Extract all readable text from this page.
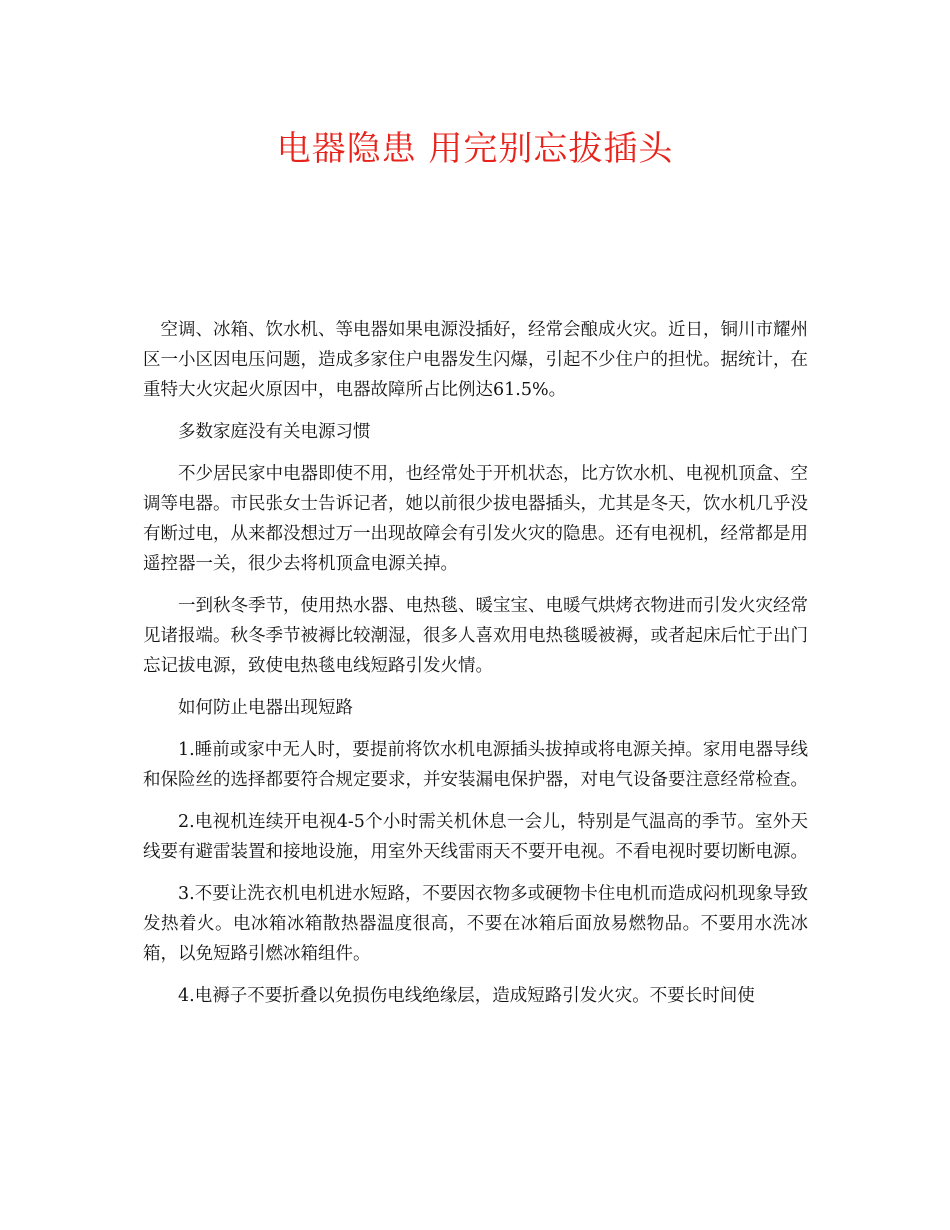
电器隐患 用完别忘拔插头

空调、冰箱、饮水机、等电器如果电源没插好，经常会酿成火灾。近日，铜川市耀州区一小区因电压问题，造成多家住户电器发生闪爆，引起不少住户的担忧。据统计，在重特大火灾起火原因中，电器故障所占比例达61.5%。

多数家庭没有关电源习惯

不少居民家中电器即使不用，也经常处于开机状态，比方饮水机、电视机顶盒、空调等电器。市民张女士告诉记者，她以前很少拔电器插头，尤其是冬天，饮水机几乎没有断过电，从来都没想过万一出现故障会有引发火灾的隐患。还有电视机，经常都是用遥控器一关，很少去将机顶盒电源关掉。

一到秋冬季节，使用热水器、电热毯、暖宝宝、电暖气烘烤衣物进而引发火灾经常见诸报端。秋冬季节被褥比较潮湿，很多人喜欢用电热毯暖被褥，或者起床后忙于出门忘记拔电源，致使电热毯电线短路引发火情。

如何防止电器出现短路

1.睡前或家中无人时，要提前将饮水机电源插头拔掉或将电源关掉。家用电器导线和保险丝的选择都要符合规定要求，并安装漏电保护器，对电气设备要注意经常检查。

2.电视机连续开电视4-5个小时需关机休息一会儿，特别是气温高的季节。室外天线要有避雷装置和接地设施，用室外天线雷雨天不要开电视。不看电视时要切断电源。

3.不要让洗衣机电机进水短路，不要因衣物多或硬物卡住电机而造成闷机现象导致发热着火。电冰箱冰箱散热器温度很高，不要在冰箱后面放易燃物品。不要用水洗冰箱，以免短路引燃冰箱组件。

4.电褥子不要折叠以免损伤电线绝缘层，造成短路引发火灾。不要长时间使
